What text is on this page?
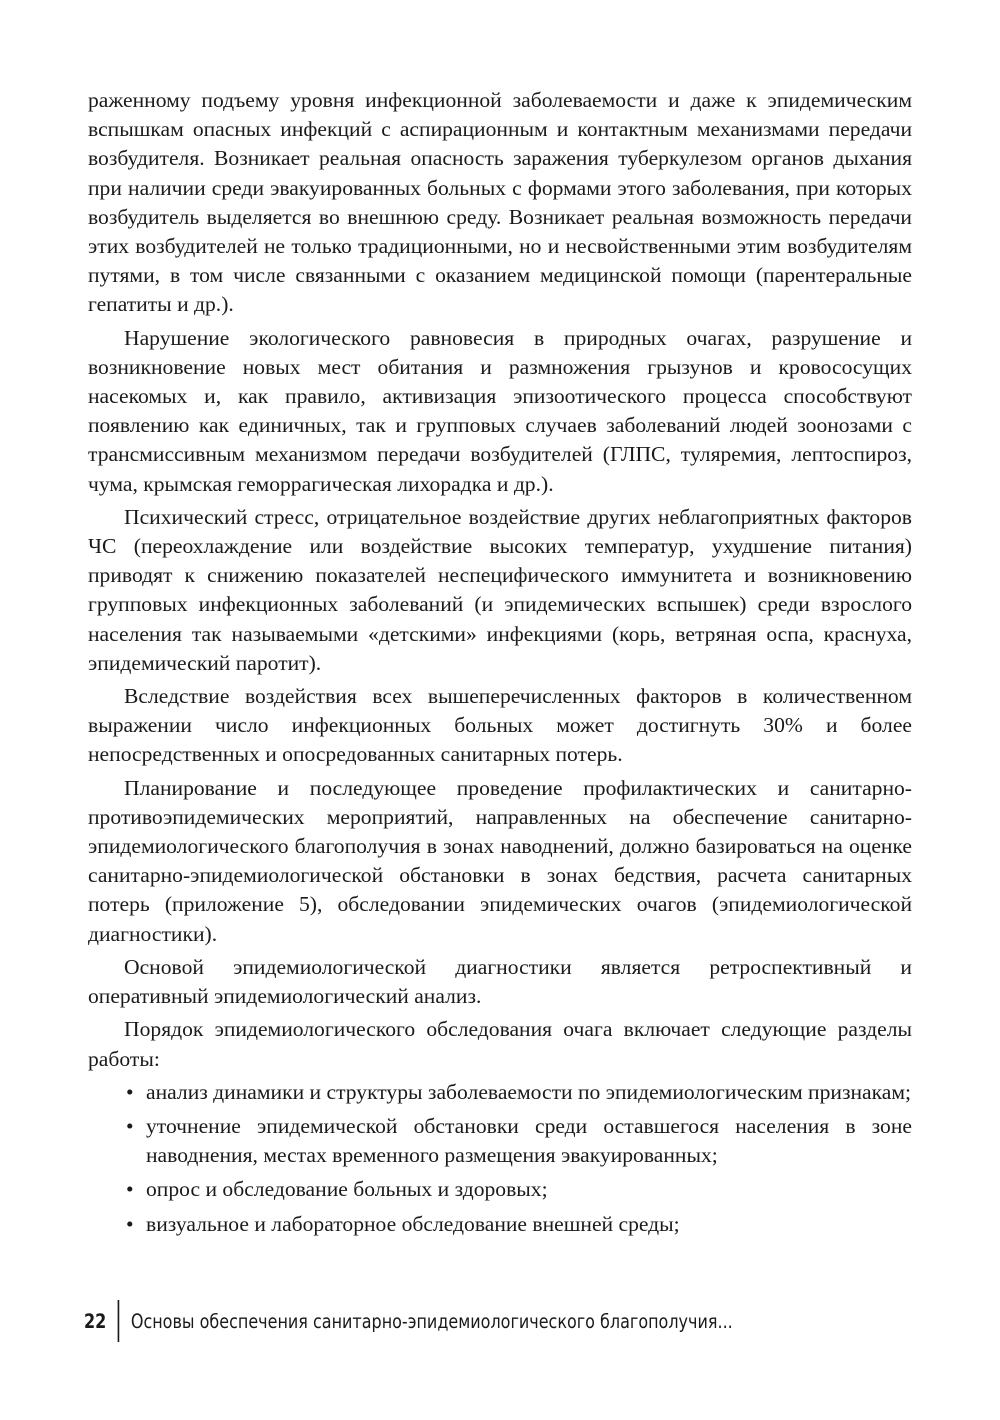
раженному подъему уровня инфекционной заболеваемости и даже к эпидемическим вспышкам опасных инфекций с аспирационным и контактным механизмами передачи возбудителя. Возникает реальная опасность заражения туберкулезом органов дыхания при наличии среди эвакуированных больных с формами этого заболевания, при которых возбудитель выделяется во внешнюю среду. Возникает реальная возможность передачи этих возбудителей не только традиционными, но и несвойственными этим возбудителям путями, в том числе связанными с оказанием медицинской помощи (парентеральные гепатиты и др.).

Нарушение экологического равновесия в природных очагах, разрушение и возникновение новых мест обитания и размножения грызунов и кровососущих насекомых и, как правило, активизация эпизоотического процесса способствуют появлению как единичных, так и групповых случаев заболеваний людей зоонозами с трансмиссивным механизмом передачи возбудителей (ГЛПС, туляремия, лептоспироз, чума, крымская геморрагическая лихорадка и др.).

Психический стресс, отрицательное воздействие других неблагоприятных факторов ЧС (переохлаждение или воздействие высоких температур, ухудшение питания) приводят к снижению показателей неспецифического иммунитета и возникновению групповых инфекционных заболеваний (и эпидемических вспышек) среди взрослого населения так называемыми «детскими» инфекциями (корь, ветряная оспа, краснуха, эпидемический паротит).

Вследствие воздействия всех вышеперечисленных факторов в количественном выражении число инфекционных больных может достигнуть 30% и более непосредственных и опосредованных санитарных потерь.

Планирование и последующее проведение профилактических и санитарно-противоэпидемических мероприятий, направленных на обеспечение санитарно-эпидемиологического благополучия в зонах наводнений, должно базироваться на оценке санитарно-эпидемиологической обстановки в зонах бедствия, расчета санитарных потерь (приложение 5), обследовании эпидемических очагов (эпидемиологической диагностики).

Основой эпидемиологической диагностики является ретроспективный и оперативный эпидемиологический анализ.

Порядок эпидемиологического обследования очага включает следующие разделы работы:

• анализ динамики и структуры заболеваемости по эпидемиологическим признакам;
• уточнение эпидемической обстановки среди оставшегося населения в зоне наводнения, местах временного размещения эвакуированных;
• опрос и обследование больных и здоровых;
• визуальное и лабораторное обследование внешней среды;
22 Основы обеспечения санитарно-эпидемиологического благополучия...
